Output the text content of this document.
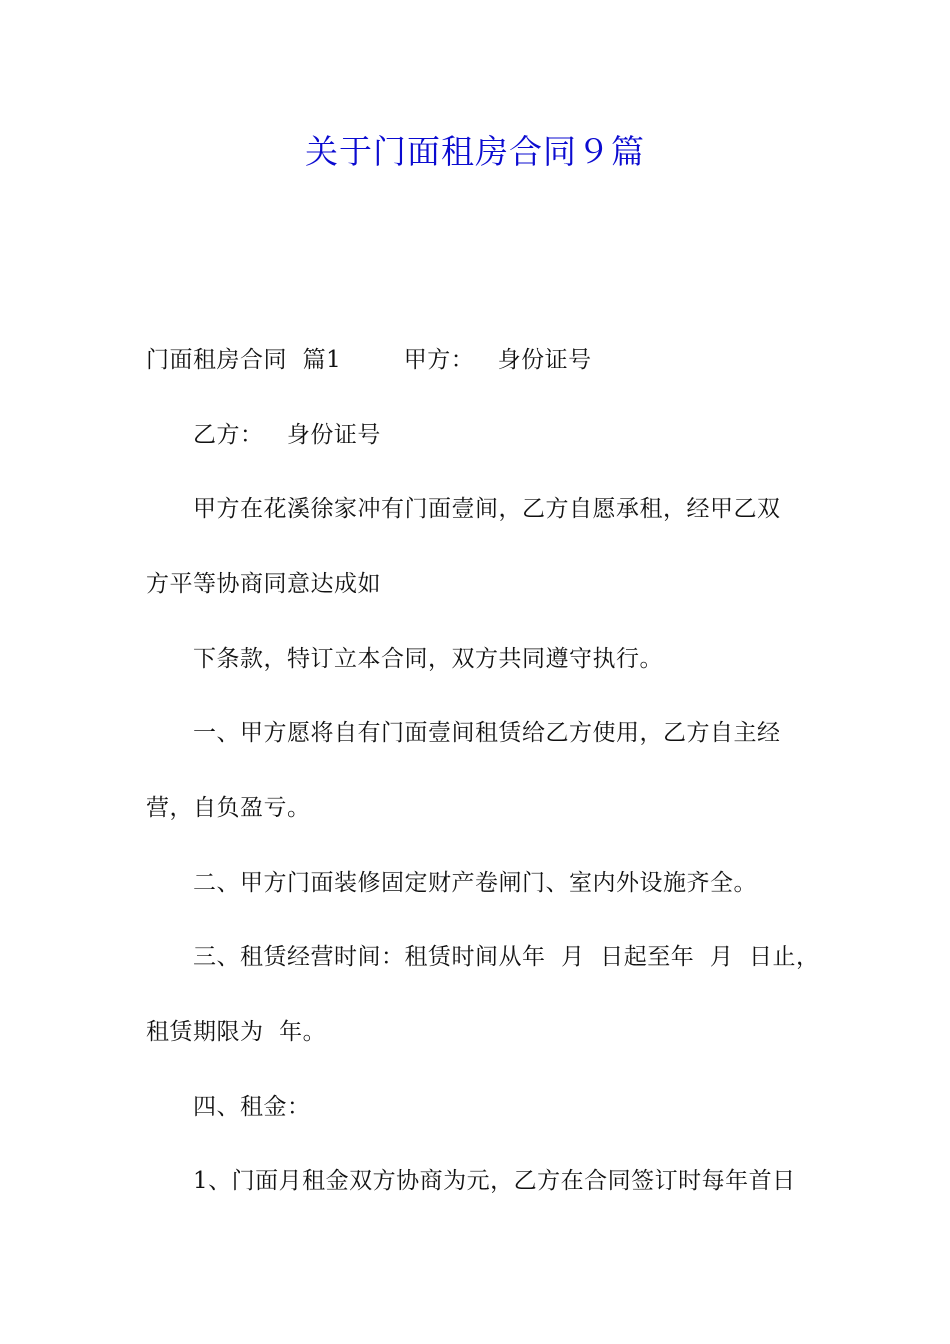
关于门面租房合同９篇

门面租房合同  篇1        甲方：   身份证号

乙方：   身份证号

甲方在花溪徐家冲有门面壹间，乙方自愿承租，经甲乙双

方平等协商同意达成如

下条款，特订立本合同，双方共同遵守执行。

一、甲方愿将自有门面壹间租赁给乙方使用，乙方自主经

营，自负盈亏。

二、甲方门面装修固定财产卷闸门、室内外设施齐全。

三、租赁经营时间：租赁时间从年  月  日起至年  月  日止，

租赁期限为  年。

四、租金：

1、门面月租金双方协商为元，乙方在合同签订时每年首日
